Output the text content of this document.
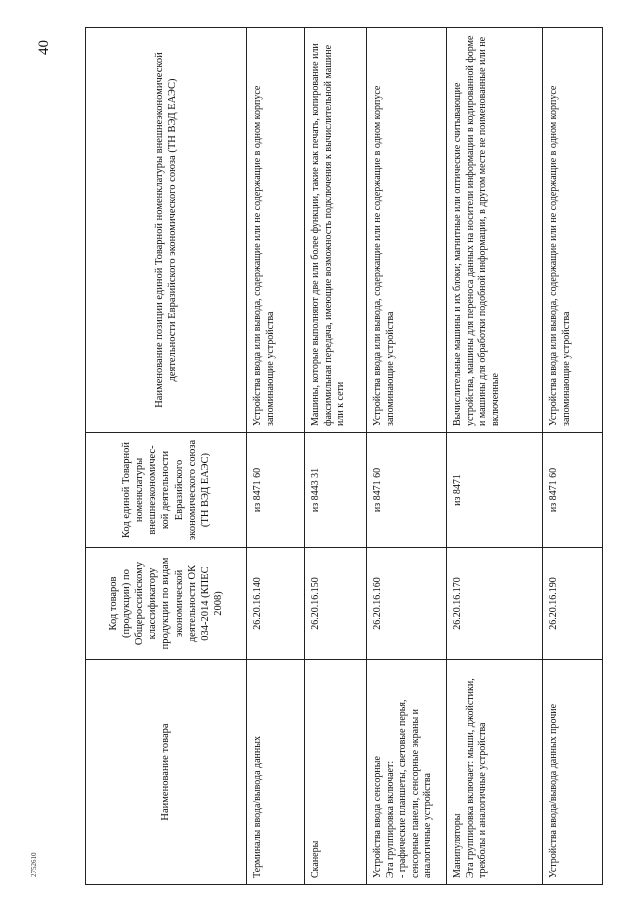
40
2752610
Наименование товара	Код товаров (продукции) по Общероссийскому классификатору продукции по видам экономической деятельности ОК 034-2014 (КПЕС 2008)	Код единой Товарной номенклатуры внешнеэкономичес-кой деятельности Евразийского экономического союза (ТН ВЭД ЕАЭС)	Наименование позиции единой Товарной номенклатуры внешнеэкономической деятельности Евразийского экономического союза (ТН ВЭД ЕАЭС)
Терминалы ввода/вывода данных	26.20.16.140	из 8471 60	Устройства ввода или вывода, содержащие или не содержащие в одном корпусе запоминающие устройства
Сканеры	26.20.16.150	из 8443 31	Машины, которые выполняют две или более функции, такие как печать, копирование или факсимильная передача, имеющие возможность подключения к вычислительной машине или к сети

Устройства ввода сенсорные Эта группировка включает: - графические планшеты, световые перья, сенсорные панели, сенсорные экраны и аналогичные устройства	26.20.16.160	из 8471 60	Устройства ввода или вывода, содержащие или не содержащие в одном корпусе запоминающие устройства

Манипуляторы Эта группировка включает: мыши, джойстики, трекболы и аналогичные устройства	26.20.16.170	из 8471	Вычислительные машины и их блоки; магнитные или оптические считывающие устройства, машины для переноса данных на носители информации в кодированной форме и машины для обработки подобной информации, в другом месте не поименованные или не включенные
Устройства ввода/вывода данных прочие	26.20.16.190	из 8471 60	Устройства ввода или вывода, содержащие или не содержащие в одном корпусе запоминающие устройства
